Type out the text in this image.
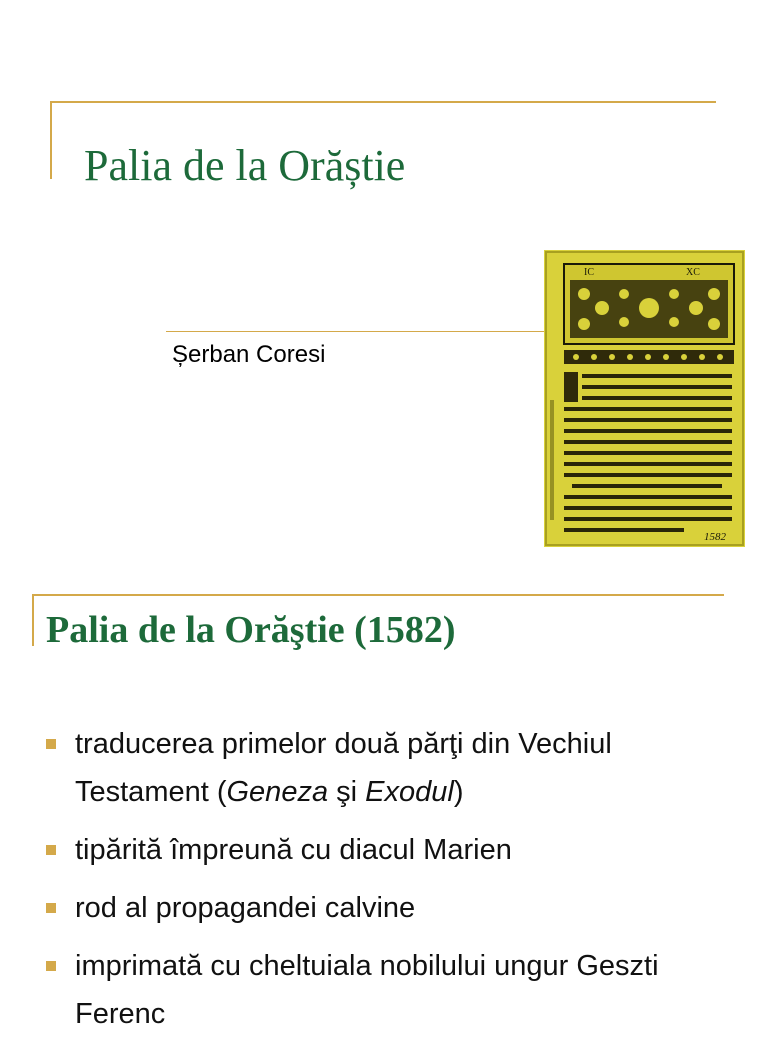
Palia de la Orăștie
Șerban Coresi
IC	XC
1582
Palia de la Orăştie (1582)
traducerea primelor două părţi din Vechiul Testament (Geneza şi Exodul)
tipărită împreună cu diacul Marien
rod al propagandei calvine
imprimată cu cheltuiala nobilului ungur Geszti Ferenc
